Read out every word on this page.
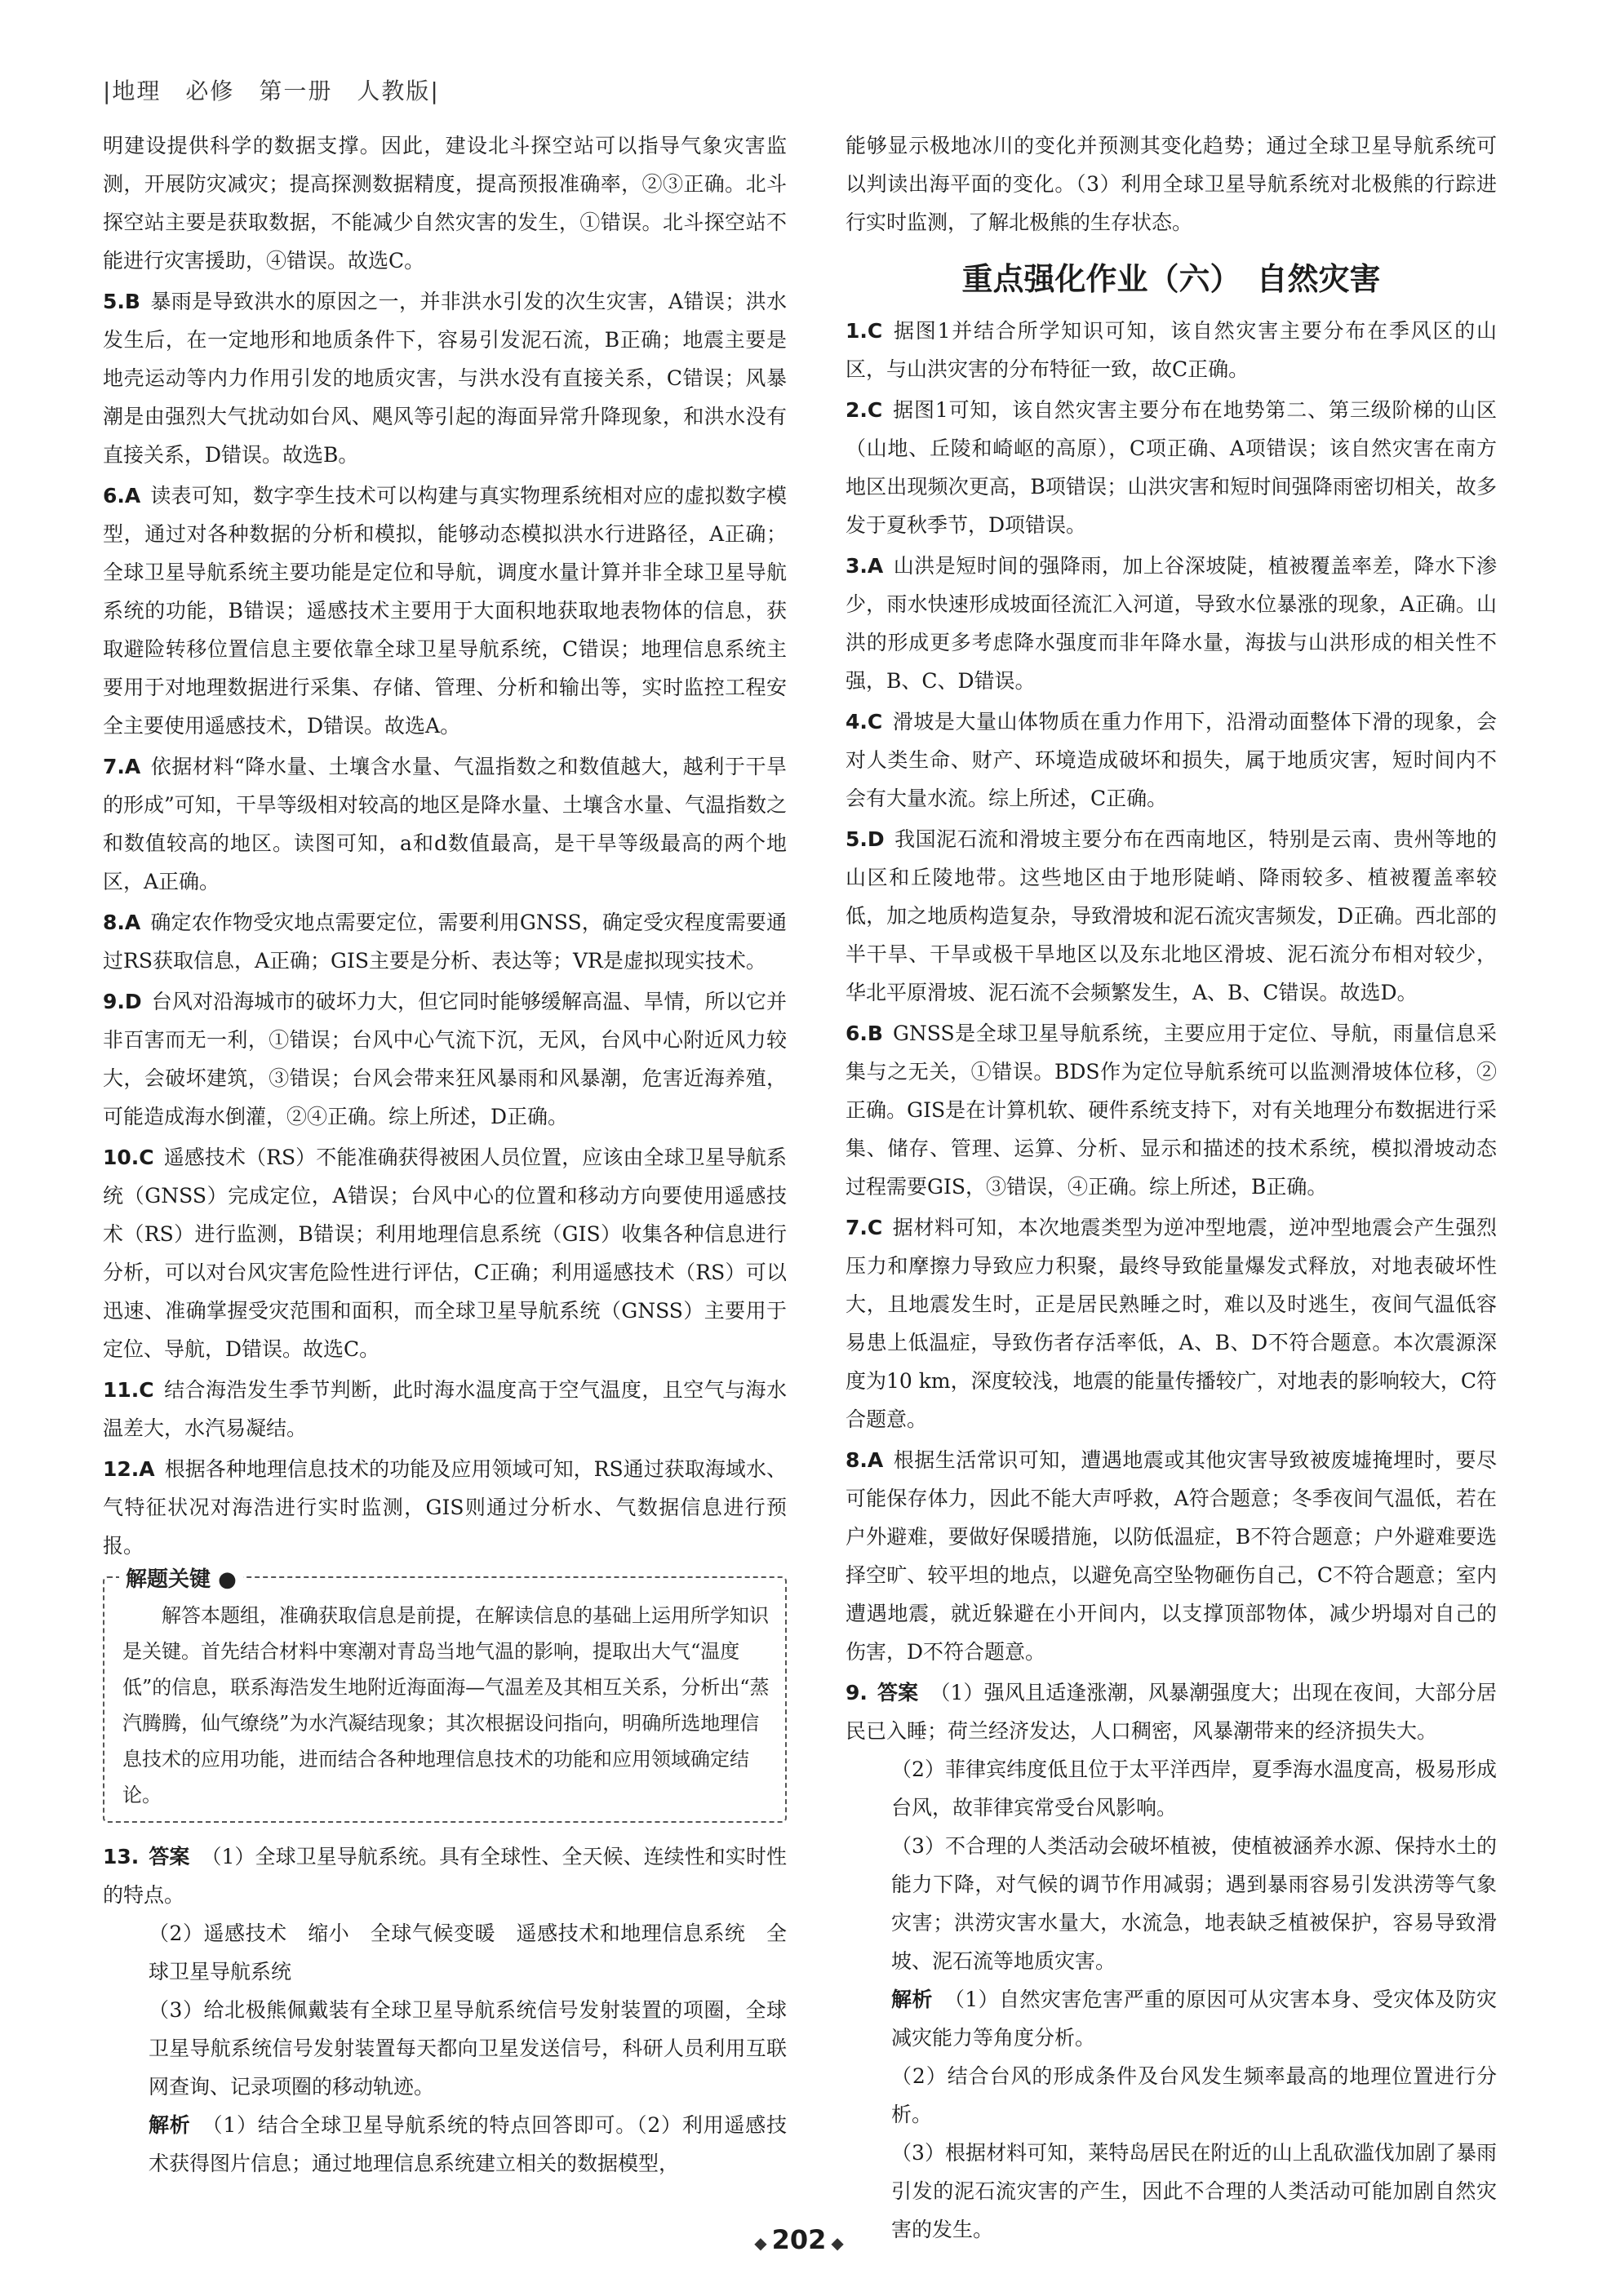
|地理　必修　第一册　人教版|

明建设提供科学的数据支撑。因此，建设北斗探空站可以指导气象灾害监测，开展防灾减灾；提高探测数据精度，提高预报准确率，②③正确。北斗探空站主要是获取数据，不能减少自然灾害的发生，①错误。北斗探空站不能进行灾害援助，④错误。故选C。

5.B 暴雨是导致洪水的原因之一，并非洪水引发的次生灾害，A错误；洪水发生后，在一定地形和地质条件下，容易引发泥石流，B正确；地震主要是地壳运动等内力作用引发的地质灾害，与洪水没有直接关系，C错误；风暴潮是由强烈大气扰动如台风、飓风等引起的海面异常升降现象，和洪水没有直接关系，D错误。故选B。

6.A 读表可知，数字孪生技术可以构建与真实物理系统相对应的虚拟数字模型，通过对各种数据的分析和模拟，能够动态模拟洪水行进路径，A正确；全球卫星导航系统主要功能是定位和导航，调度水量计算并非全球卫星导航系统的功能，B错误；遥感技术主要用于大面积地获取地表物体的信息，获取避险转移位置信息主要依靠全球卫星导航系统，C错误；地理信息系统主要用于对地理数据进行采集、存储、管理、分析和输出等，实时监控工程安全主要使用遥感技术，D错误。故选A。

7.A 依据材料“降水量、土壤含水量、气温指数之和数值越大，越利于干旱的形成”可知，干旱等级相对较高的地区是降水量、土壤含水量、气温指数之和数值较高的地区。读图可知，a和d数值最高，是干旱等级最高的两个地区，A正确。

8.A 确定农作物受灾地点需要定位，需要利用GNSS，确定受灾程度需要通过RS获取信息，A正确；GIS主要是分析、表达等；VR是虚拟现实技术。

9.D 台风对沿海城市的破坏力大，但它同时能够缓解高温、旱情，所以它并非百害而无一利，①错误；台风中心气流下沉，无风，台风中心附近风力较大，会破坏建筑，③错误；台风会带来狂风暴雨和风暴潮，危害近海养殖，可能造成海水倒灌，②④正确。综上所述，D正确。

10.C 遥感技术（RS）不能准确获得被困人员位置，应该由全球卫星导航系统（GNSS）完成定位，A错误；台风中心的位置和移动方向要使用遥感技术（RS）进行监测，B错误；利用地理信息系统（GIS）收集各种信息进行分析，可以对台风灾害危险性进行评估，C正确；利用遥感技术（RS）可以迅速、准确掌握受灾范围和面积，而全球卫星导航系统（GNSS）主要用于定位、导航，D错误。故选C。

11.C 结合海浩发生季节判断，此时海水温度高于空气温度，且空气与海水温差大，水汽易凝结。

12.A 根据各种地理信息技术的功能及应用领域可知，RS通过获取海域水、气特征状况对海浩进行实时监测，GIS则通过分析水、气数据信息进行预报。

解题关键 ●

解答本题组，准确获取信息是前提，在解读信息的基础上运用所学知识是关键。首先结合材料中寒潮对青岛当地气温的影响，提取出大气“温度低”的信息，联系海浩发生地附近海面海—气温差及其相互关系，分析出“蒸汽腾腾，仙气缭绕”为水汽凝结现象；其次根据设问指向，明确所选地理信息技术的应用功能，进而结合各种地理信息技术的功能和应用领域确定结论。

13. 答案 （1）全球卫星导航系统。具有全球性、全天候、连续性和实时性的特点。

（2）遥感技术　缩小　全球气候变暖　遥感技术和地理信息系统　全球卫星导航系统

（3）给北极熊佩戴装有全球卫星导航系统信号发射装置的项圈，全球卫星导航系统信号发射装置每天都向卫星发送信号，科研人员利用互联网查询、记录项圈的移动轨迹。

解析 （1）结合全球卫星导航系统的特点回答即可。（2）利用遥感技术获得图片信息；通过地理信息系统建立相关的数据模型，

能够显示极地冰川的变化并预测其变化趋势；通过全球卫星导航系统可以判读出海平面的变化。（3）利用全球卫星导航系统对北极熊的行踪进行实时监测，了解北极熊的生存状态。

重点强化作业（六）　自然灾害

1.C 据图1并结合所学知识可知，该自然灾害主要分布在季风区的山区，与山洪灾害的分布特征一致，故C正确。

2.C 据图1可知，该自然灾害主要分布在地势第二、第三级阶梯的山区（山地、丘陵和崎岖的高原），C项正确、A项错误；该自然灾害在南方地区出现频次更高，B项错误；山洪灾害和短时间强降雨密切相关，故多发于夏秋季节，D项错误。

3.A 山洪是短时间的强降雨，加上谷深坡陡，植被覆盖率差，降水下渗少，雨水快速形成坡面径流汇入河道，导致水位暴涨的现象，A正确。山洪的形成更多考虑降水强度而非年降水量，海拔与山洪形成的相关性不强，B、C、D错误。

4.C 滑坡是大量山体物质在重力作用下，沿滑动面整体下滑的现象，会对人类生命、财产、环境造成破坏和损失，属于地质灾害，短时间内不会有大量水流。综上所述，C正确。

5.D 我国泥石流和滑坡主要分布在西南地区，特别是云南、贵州等地的山区和丘陵地带。这些地区由于地形陡峭、降雨较多、植被覆盖率较低，加之地质构造复杂，导致滑坡和泥石流灾害频发，D正确。西北部的半干旱、干旱或极干旱地区以及东北地区滑坡、泥石流分布相对较少，华北平原滑坡、泥石流不会频繁发生，A、B、C错误。故选D。

6.B GNSS是全球卫星导航系统，主要应用于定位、导航，雨量信息采集与之无关，①错误。BDS作为定位导航系统可以监测滑坡体位移，②正确。GIS是在计算机软、硬件系统支持下，对有关地理分布数据进行采集、储存、管理、运算、分析、显示和描述的技术系统，模拟滑坡动态过程需要GIS，③错误，④正确。综上所述，B正确。

7.C 据材料可知，本次地震类型为逆冲型地震，逆冲型地震会产生强烈压力和摩擦力导致应力积聚，最终导致能量爆发式释放，对地表破坏性大，且地震发生时，正是居民熟睡之时，难以及时逃生，夜间气温低容易患上低温症，导致伤者存活率低，A、B、D不符合题意。本次震源深度为10 km，深度较浅，地震的能量传播较广，对地表的影响较大，C符合题意。

8.A 根据生活常识可知，遭遇地震或其他灾害导致被废墟掩埋时，要尽可能保存体力，因此不能大声呼救，A符合题意；冬季夜间气温低，若在户外避难，要做好保暖措施，以防低温症，B不符合题意；户外避难要选择空旷、较平坦的地点，以避免高空坠物砸伤自己，C不符合题意；室内遭遇地震，就近躲避在小开间内，以支撑顶部物体，减少坍塌对自己的伤害，D不符合题意。

9. 答案 （1）强风且适逢涨潮，风暴潮强度大；出现在夜间，大部分居民已入睡；荷兰经济发达，人口稠密，风暴潮带来的经济损失大。

（2）菲律宾纬度低且位于太平洋西岸，夏季海水温度高，极易形成台风，故菲律宾常受台风影响。

（3）不合理的人类活动会破坏植被，使植被涵养水源、保持水土的能力下降，对气候的调节作用减弱；遇到暴雨容易引发洪涝等气象灾害；洪涝灾害水量大，水流急，地表缺乏植被保护，容易导致滑坡、泥石流等地质灾害。

解析 （1）自然灾害危害严重的原因可从灾害本身、受灾体及防灾减灾能力等角度分析。

（2）结合台风的形成条件及台风发生频率最高的地理位置进行分析。

（3）根据材料可知，莱特岛居民在附近的山上乱砍滥伐加剧了暴雨引发的泥石流灾害的产生，因此不合理的人类活动可能加剧自然灾害的发生。

◆ 202 ◆
